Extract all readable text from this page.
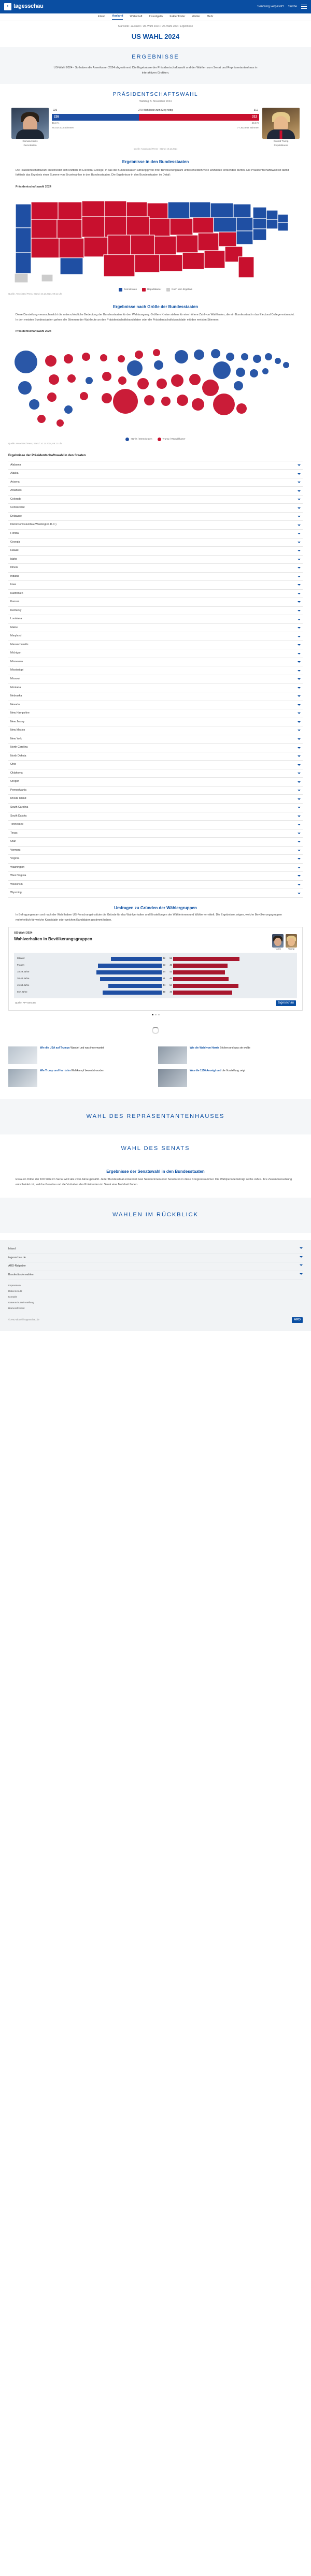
t tagesschau	Sendung verpasst? Suche
Inland Ausland Wirtschaft Investigativ Faktenfinder Wetter Mehr
Startseite › Ausland › US-Wahl 2024 › US-Wahl 2024: Ergebnisse
US WAHL 2024
ERGEBNISSE
US-Wahl 2024 - So haben die Amerikaner 2024 abgestimmt: Die Ergebnisse der Präsidentschaftswahl und der Wahlen zum Senat und Repräsentantenhaus in interaktiven Grafiken.
PRÄSIDENTSCHAFTSWAHL
Wahltag: 5. November 2024
Kamala Harris
Demokraten
226	270 Wahlleute zum Sieg nötig	312
226	312
48,3 %	49,8 %
75.017.613 Stimmen	77.303.568 Stimmen
Donald Trump
Republikaner
Quelle: Associated Press · Stand: 10.12.2024
Ergebnisse in den Bundesstaaten

Die Präsidentschaftswahl entscheidet sich letztlich im Electoral College, in das die Bundesstaaten abhängig von ihrer Bevölkerungszahl unterschiedlich viele Wahlleute entsenden dürfen. Die Präsidentschaftswahl ist damit faktisch das Ergebnis einer Summe von Einzelwahlen in den Bundesstaaten. Die Ergebnisse in den Bundesstaaten im Detail:

Präsidentschaftswahl 2024
Demokraten	Republikaner	Noch kein Ergebnis
Quelle: Associated Press, Stand: 10.12.2024, 09:11 Uhr
Ergebnisse nach Größe der Bundesstaaten

Diese Darstellung veranschaulicht die unterschiedliche Bedeutung der Bundesstaaten für den Wahlausgang. Größere Kreise stehen für eine höhere Zahl von Wahlleuten, die ein Bundesstaat in das Electoral College entsendet. In den meisten Bundesstaaten gehen alle Stimmen der Wahlleute an den Präsidentschaftskandidaten oder die Präsidentschaftskandidatin mit den meisten Stimmen.

Präsidentschaftswahl 2024
Harris / Demokraten	Trump / Republikaner
Quelle: Associated Press, Stand: 10.12.2024, 09:11 Uhr
Ergebnisse der Präsidentschaftswahl in den Staaten
Alabama
Alaska
Arizona
Arkansas
Colorado
Connecticut
Delaware
District of Columbia (Washington D.C.)
Florida
Georgia
Hawaii
Idaho
Illinois
Indiana
Iowa
Kalifornien
Kansas
Kentucky
Louisiana
Maine
Maryland
Massachusetts
Michigan
Minnesota
Mississippi
Missouri
Montana
Nebraska
Nevada
New Hampshire
New Jersey
New Mexico
New York
North Carolina
North Dakota
Ohio
Oklahoma
Oregon
Pennsylvania
Rhode Island
South Carolina
South Dakota
Tennessee
Texas
Utah
Vermont
Virginia
Washington
West Virginia
Wisconsin
Wyoming
Umfragen zu Gründen der Wählergruppen
In Befragungen am und nach der Wahl haben US-Forschungsinstitute die Gründe für das Wahlverhalten und Einstellungen der Wählerinnen und Wähler ermittelt. Die Ergebnisse zeigen, welche Bevölkerungsgruppen mehrheitlich für welche Kandidatin oder welchen Kandidaten gestimmt haben.
US-Wahl 2024
Wahlverhalten in Bevölkerungsgruppen
Harris	Trump
Männer	42 55
Frauen	53 45
18-29 Jahre	54 43
30-44 Jahre	51 46
45-64 Jahre	44 54
65+ Jahre	49 49
Quelle: AP VoteCast	tagesschau
Wie die USA auf Trumps Wandel und was ihn erwartet	Wie die Wahl von Harris Bricken und was sie wollte
Wie Trump und Harris im Wahlkampf bewertet wurden	Was die 1156 Anzeigt und die Vorstellung zeigt
WAHL DES REPRÄSENTANTENHAUSES
WAHL DES SENATS
Ergebnisse der Senatswahl in den Bundesstaaten

Etwa ein Drittel der 100 Sitze im Senat wird alle zwei Jahre gewählt. Jeder Bundesstaat entsendet zwei Senatorinnen oder Senatoren in diese Kongresskammer. Die Wahlperiode beträgt sechs Jahre. Ihre Zusammensetzung entscheidet mit, welche Gesetze und die Vorhaben des Präsidenten im Senat eine Mehrheit finden.

WAHLEN IM RÜCKBLICK
Inland
tagesschau.de
ARD-Ratgeber
Bundesländerwahlen
Impressum
Datenschutz
Kontakt
Datenschutzeinstellung
Barrierefreiheit
© ARD-aktuell / tagesschau.de	ARD
